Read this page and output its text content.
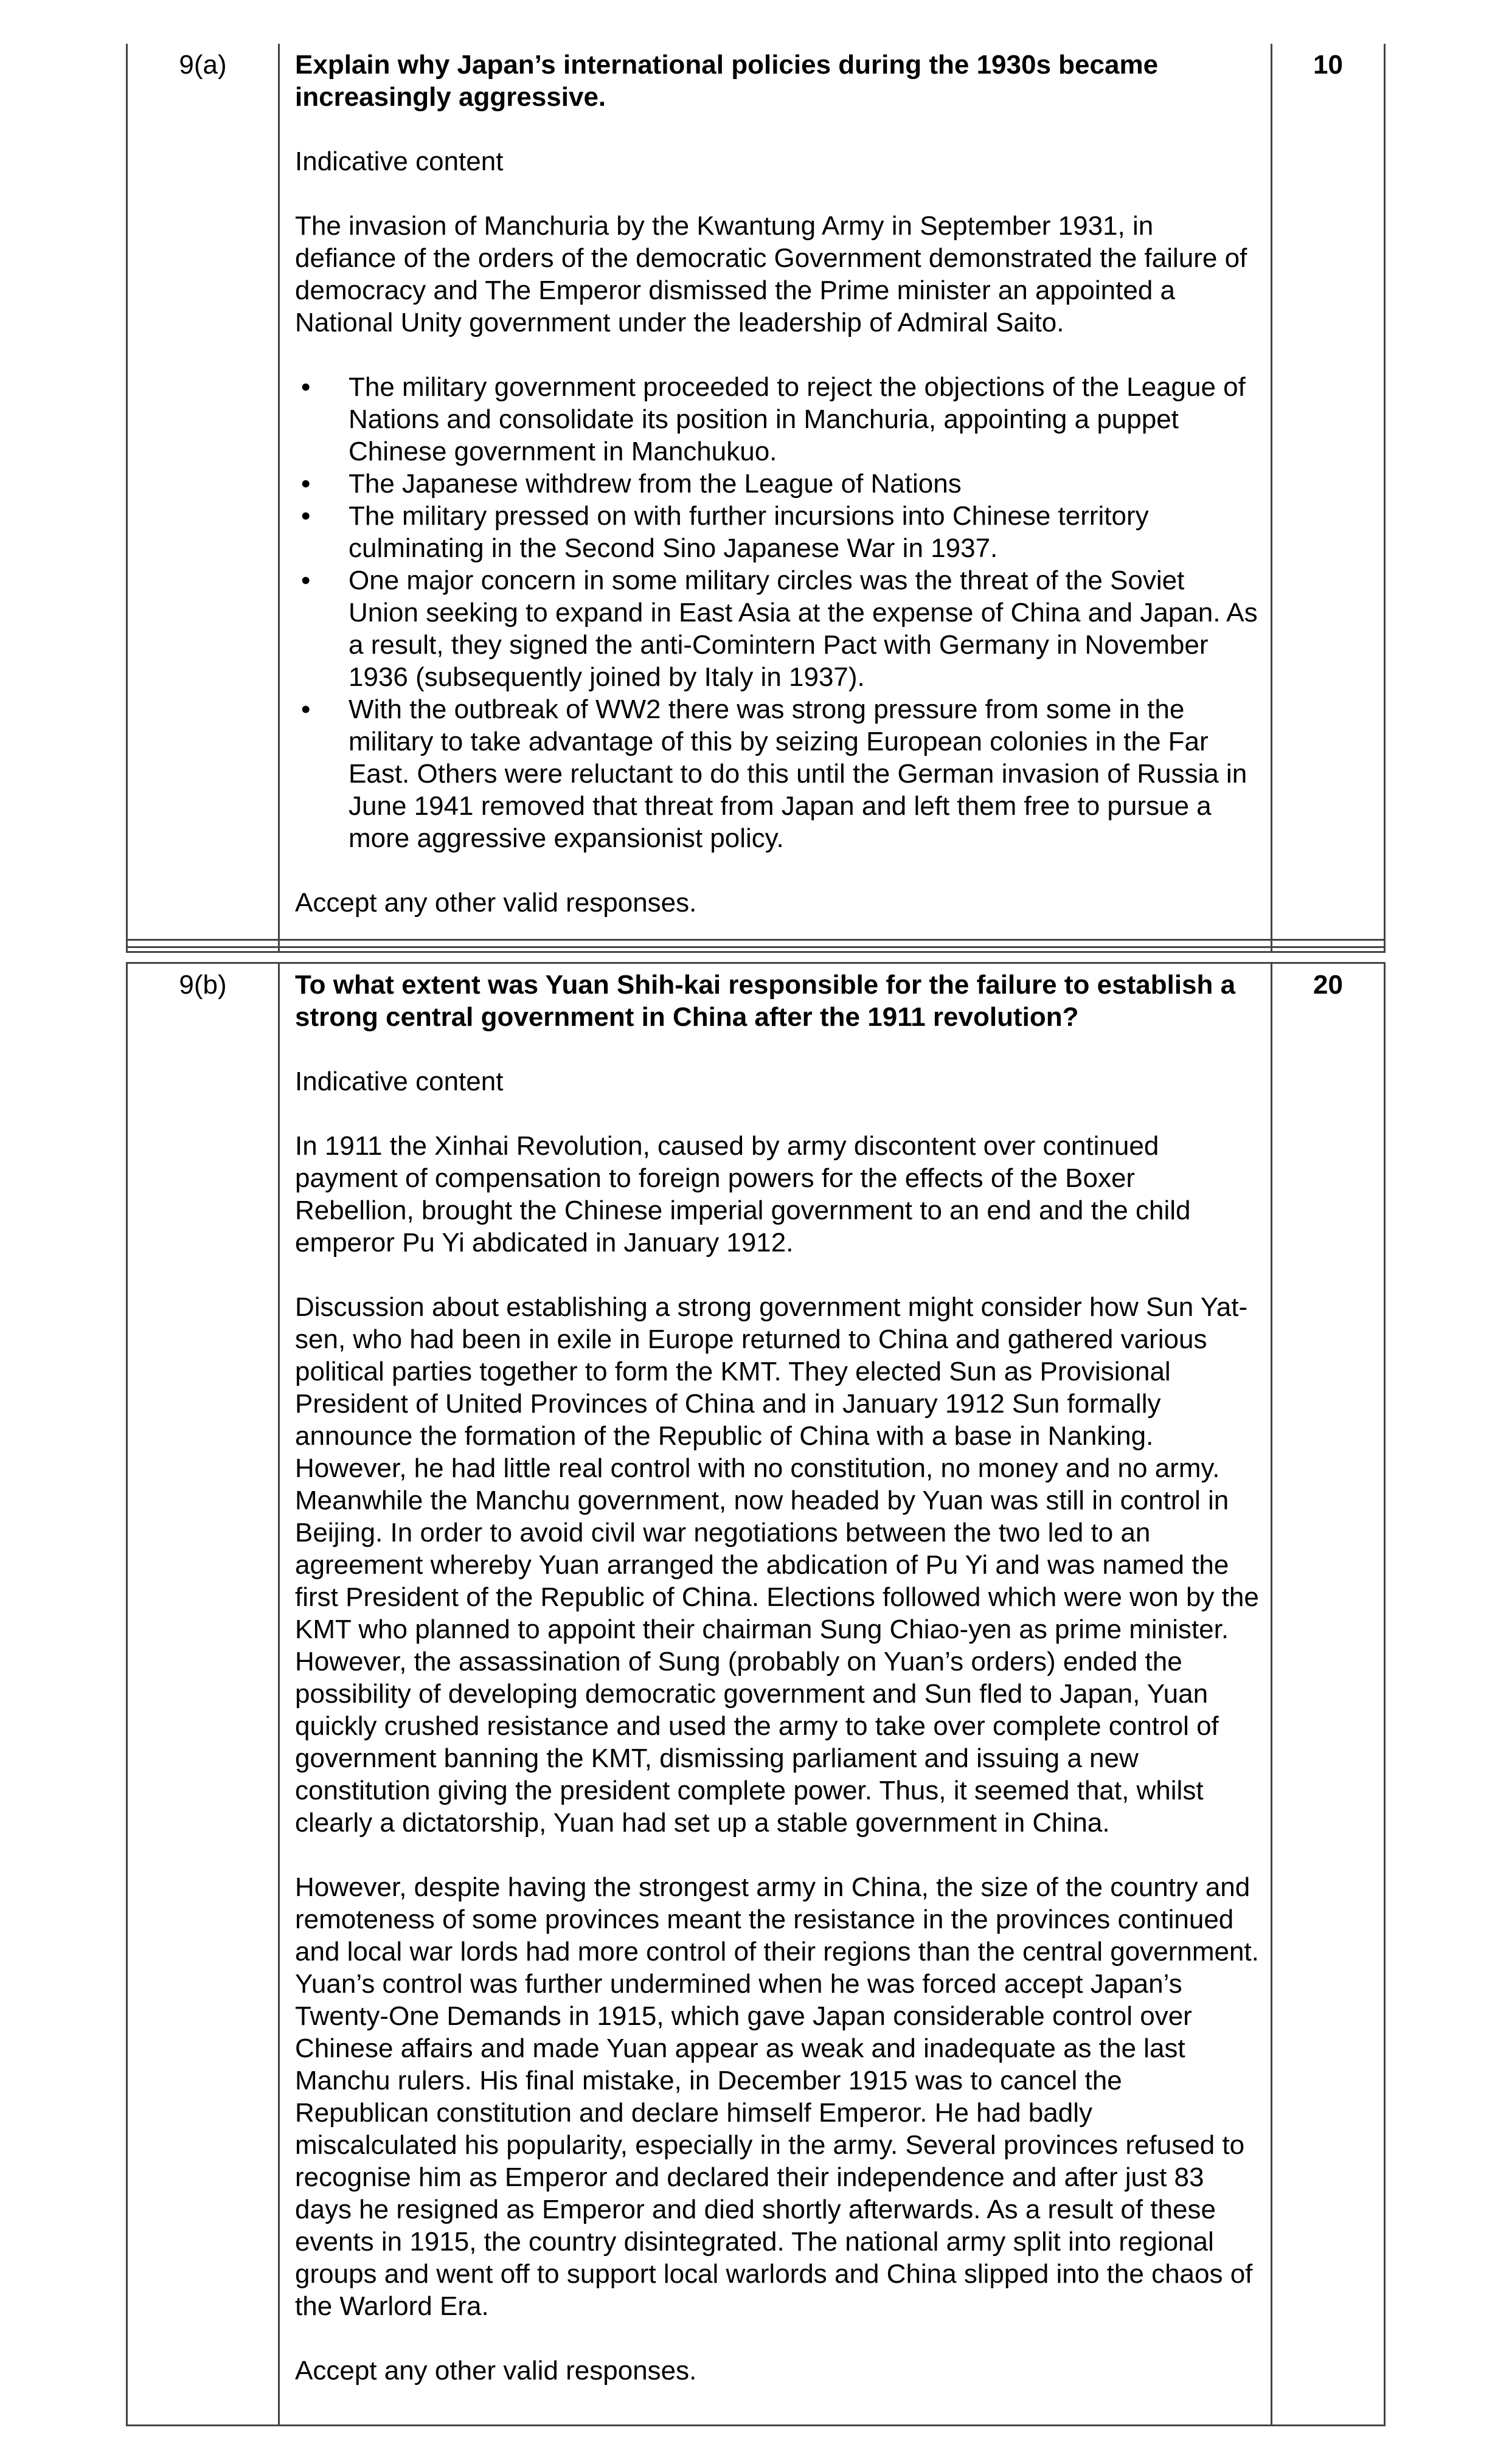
9(a)	Explain why Japan’s international policies during the 1930s became increasingly aggressive.

Indicative content

The invasion of Manchuria by the Kwantung Army in September 1931, in defiance of the orders of the democratic Government demonstrated the failure of democracy and The Emperor dismissed the Prime minister an appointed a National Unity government under the leadership of Admiral Saito.

• The military government proceeded to reject the objections of the League of Nations and consolidate its position in Manchuria, appointing a puppet Chinese government in Manchukuo.
• The Japanese withdrew from the League of Nations
• The military pressed on with further incursions into Chinese territory culminating in the Second Sino Japanese War in 1937.
• One major concern in some military circles was the threat of the Soviet Union seeking to expand in East Asia at the expense of China and Japan. As a result, they signed the anti-Comintern Pact with Germany in November 1936 (subsequently joined by Italy in 1937).
• With the outbreak of WW2 there was strong pressure from some in the military to take advantage of this by seizing European colonies in the Far East. Others were reluctant to do this until the German invasion of Russia in June 1941 removed that threat from Japan and left them free to pursue a more aggressive expansionist policy.

Accept any other valid responses.

	10
9(b)	To what extent was Yuan Shih-kai responsible for the failure to establish a strong central government in China after the 1911 revolution?

Indicative content

In 1911 the Xinhai Revolution, caused by army discontent over continued payment of compensation to foreign powers for the effects of the Boxer Rebellion, brought the Chinese imperial government to an end and the child emperor Pu Yi abdicated in January 1912.

Discussion about establishing a strong government might consider how Sun Yat-sen, who had been in exile in Europe returned to China and gathered various political parties together to form the KMT. They elected Sun as Provisional President of United Provinces of China and in January 1912 Sun formally announce the formation of the Republic of China with a base in Nanking. However, he had little real control with no constitution, no money and no army. Meanwhile the Manchu government, now headed by Yuan was still in control in Beijing. In order to avoid civil war negotiations between the two led to an agreement whereby Yuan arranged the abdication of Pu Yi and was named the first President of the Republic of China. Elections followed which were won by the KMT who planned to appoint their chairman Sung Chiao-yen as prime minister. However, the assassination of Sung (probably on Yuan’s orders) ended the possibility of developing democratic government and Sun fled to Japan, Yuan quickly crushed resistance and used the army to take over complete control of government banning the KMT, dismissing parliament and issuing a new constitution giving the president complete power. Thus, it seemed that, whilst clearly a dictatorship, Yuan had set up a stable government in China.

However, despite having the strongest army in China, the size of the country and remoteness of some provinces meant the resistance in the provinces continued and local war lords had more control of their regions than the central government. Yuan’s control was further undermined when he was forced accept Japan’s Twenty-One Demands in 1915, which gave Japan considerable control over Chinese affairs and made Yuan appear as weak and inadequate as the last Manchu rulers. His final mistake, in December 1915 was to cancel the Republican constitution and declare himself Emperor. He had badly miscalculated his popularity, especially in the army. Several provinces refused to recognise him as Emperor and declared their independence and after just 83 days he resigned as Emperor and died shortly afterwards. As a result of these events in 1915, the country disintegrated. The national army split into regional groups and went off to support local warlords and China slipped into the chaos of the Warlord Era.

Accept any other valid responses.

	20
